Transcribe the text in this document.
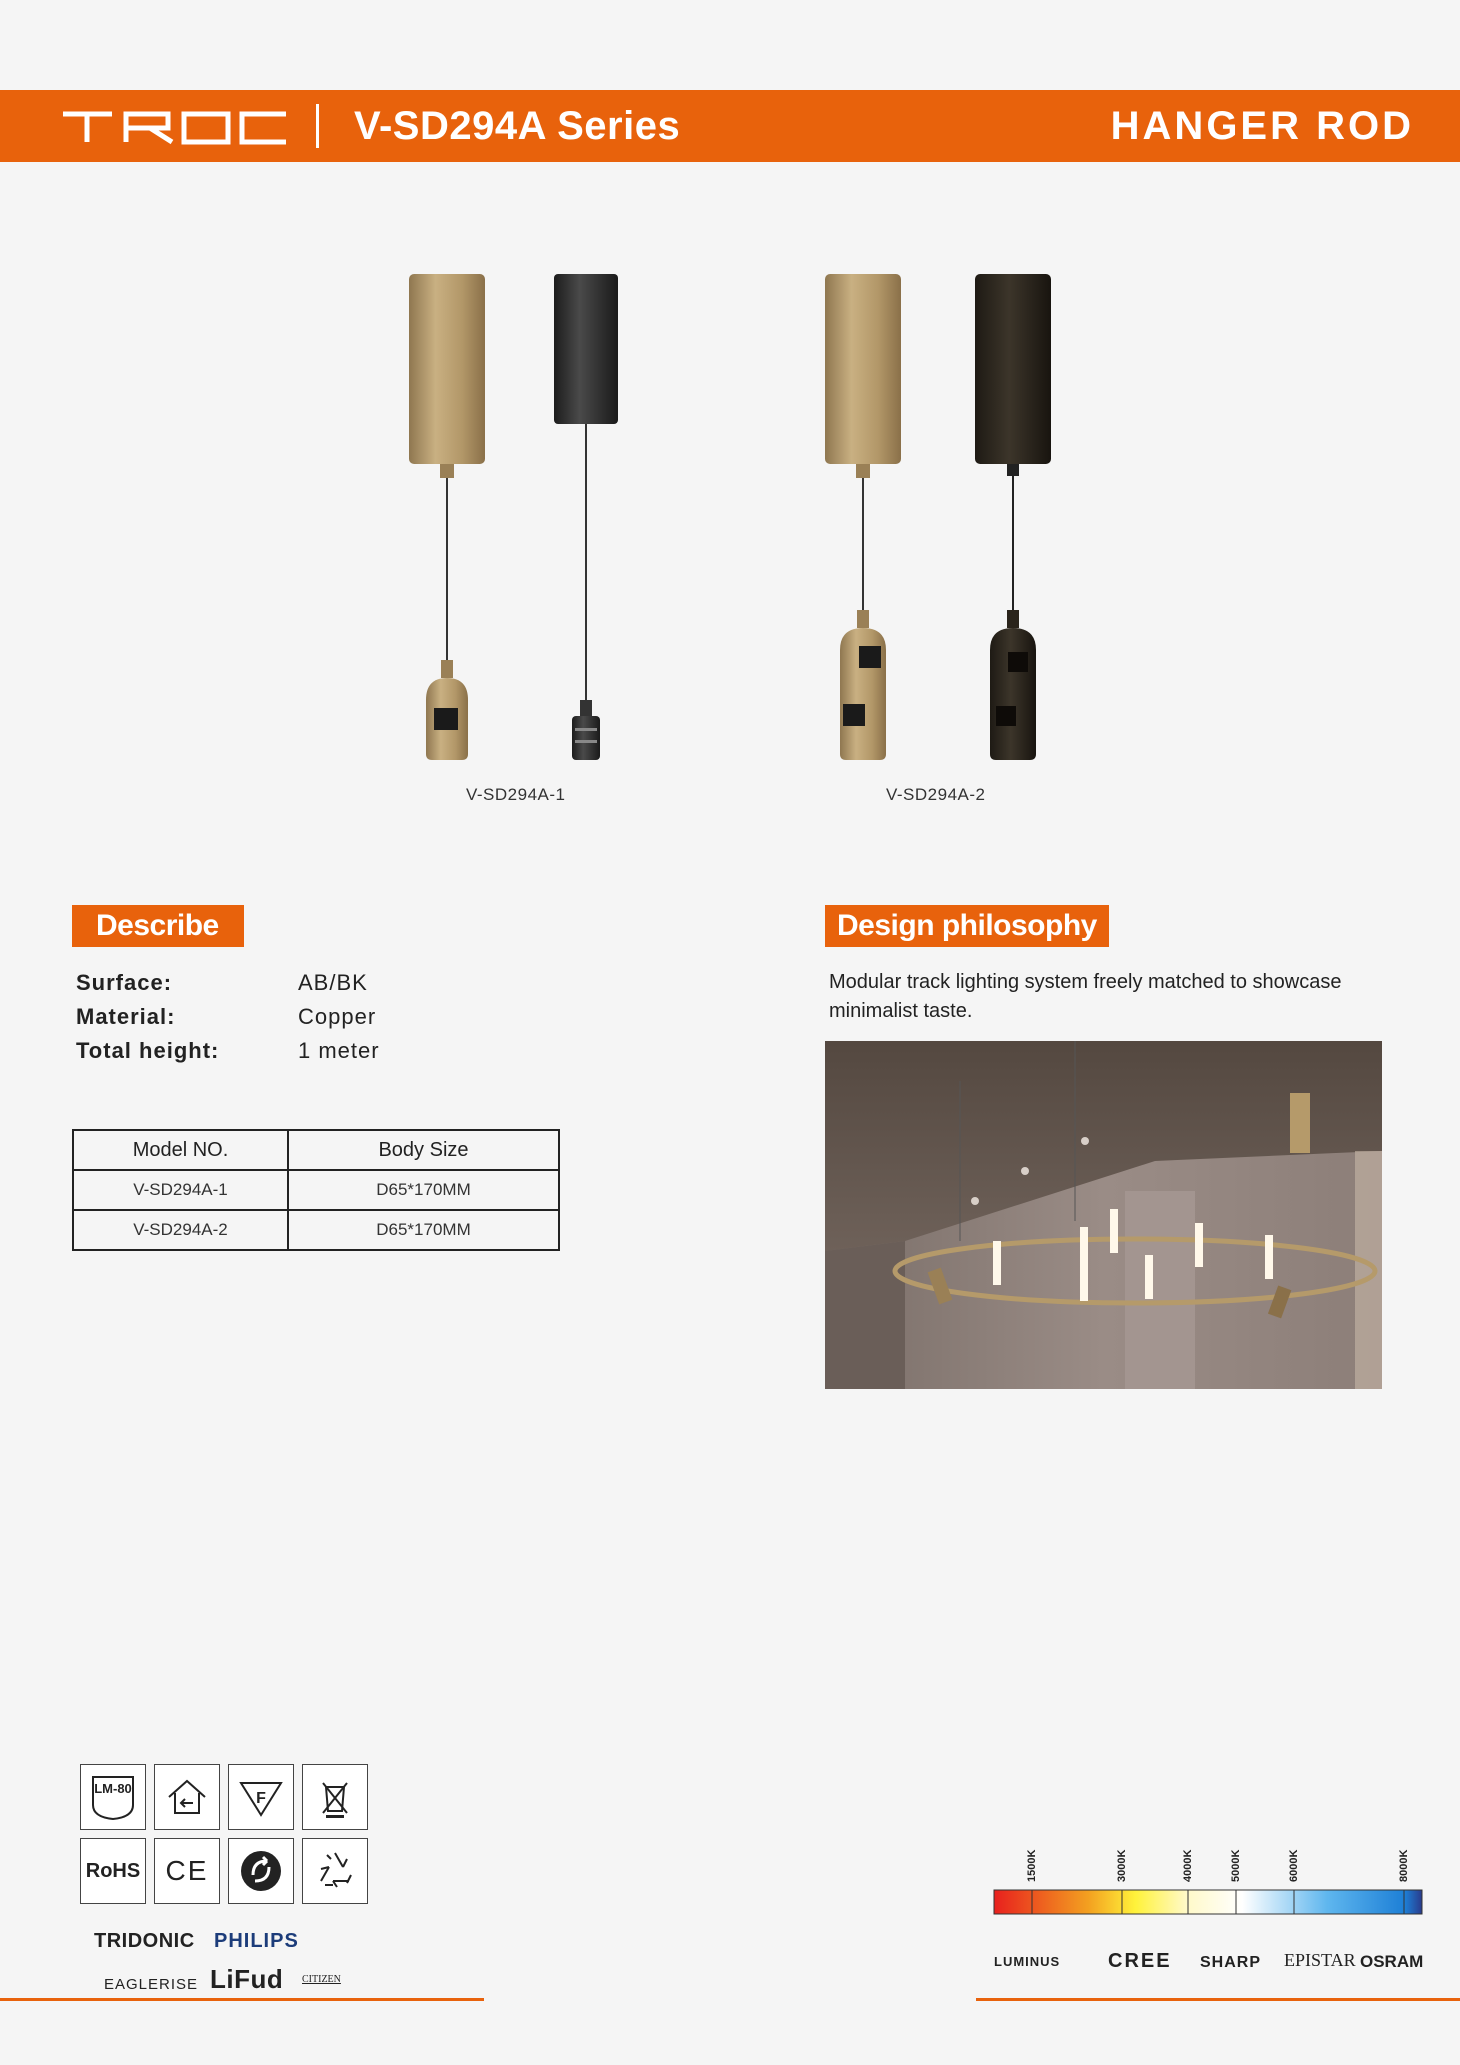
V-SD294A Series	HANGER ROD
V-SD294A-1	V-SD294A-2
Describe
Surface:	AB/BK
Material:	Copper
Total height:	1 meter
Model NO.	Body Size
V-SD294A-1	D65*170MM
V-SD294A-2	D65*170MM
Design philosophy
Modular track lighting system freely matched to showcase minimalist taste.
LM-80
F
RoHS CE
TRIDONIC PHILIPS
EAGLERISE LiFud CITIZEN
1500K	3000K	4000K	5000K	6000K	8000K
LUMINUS CREE SHARP EPISTAR OSRAM
